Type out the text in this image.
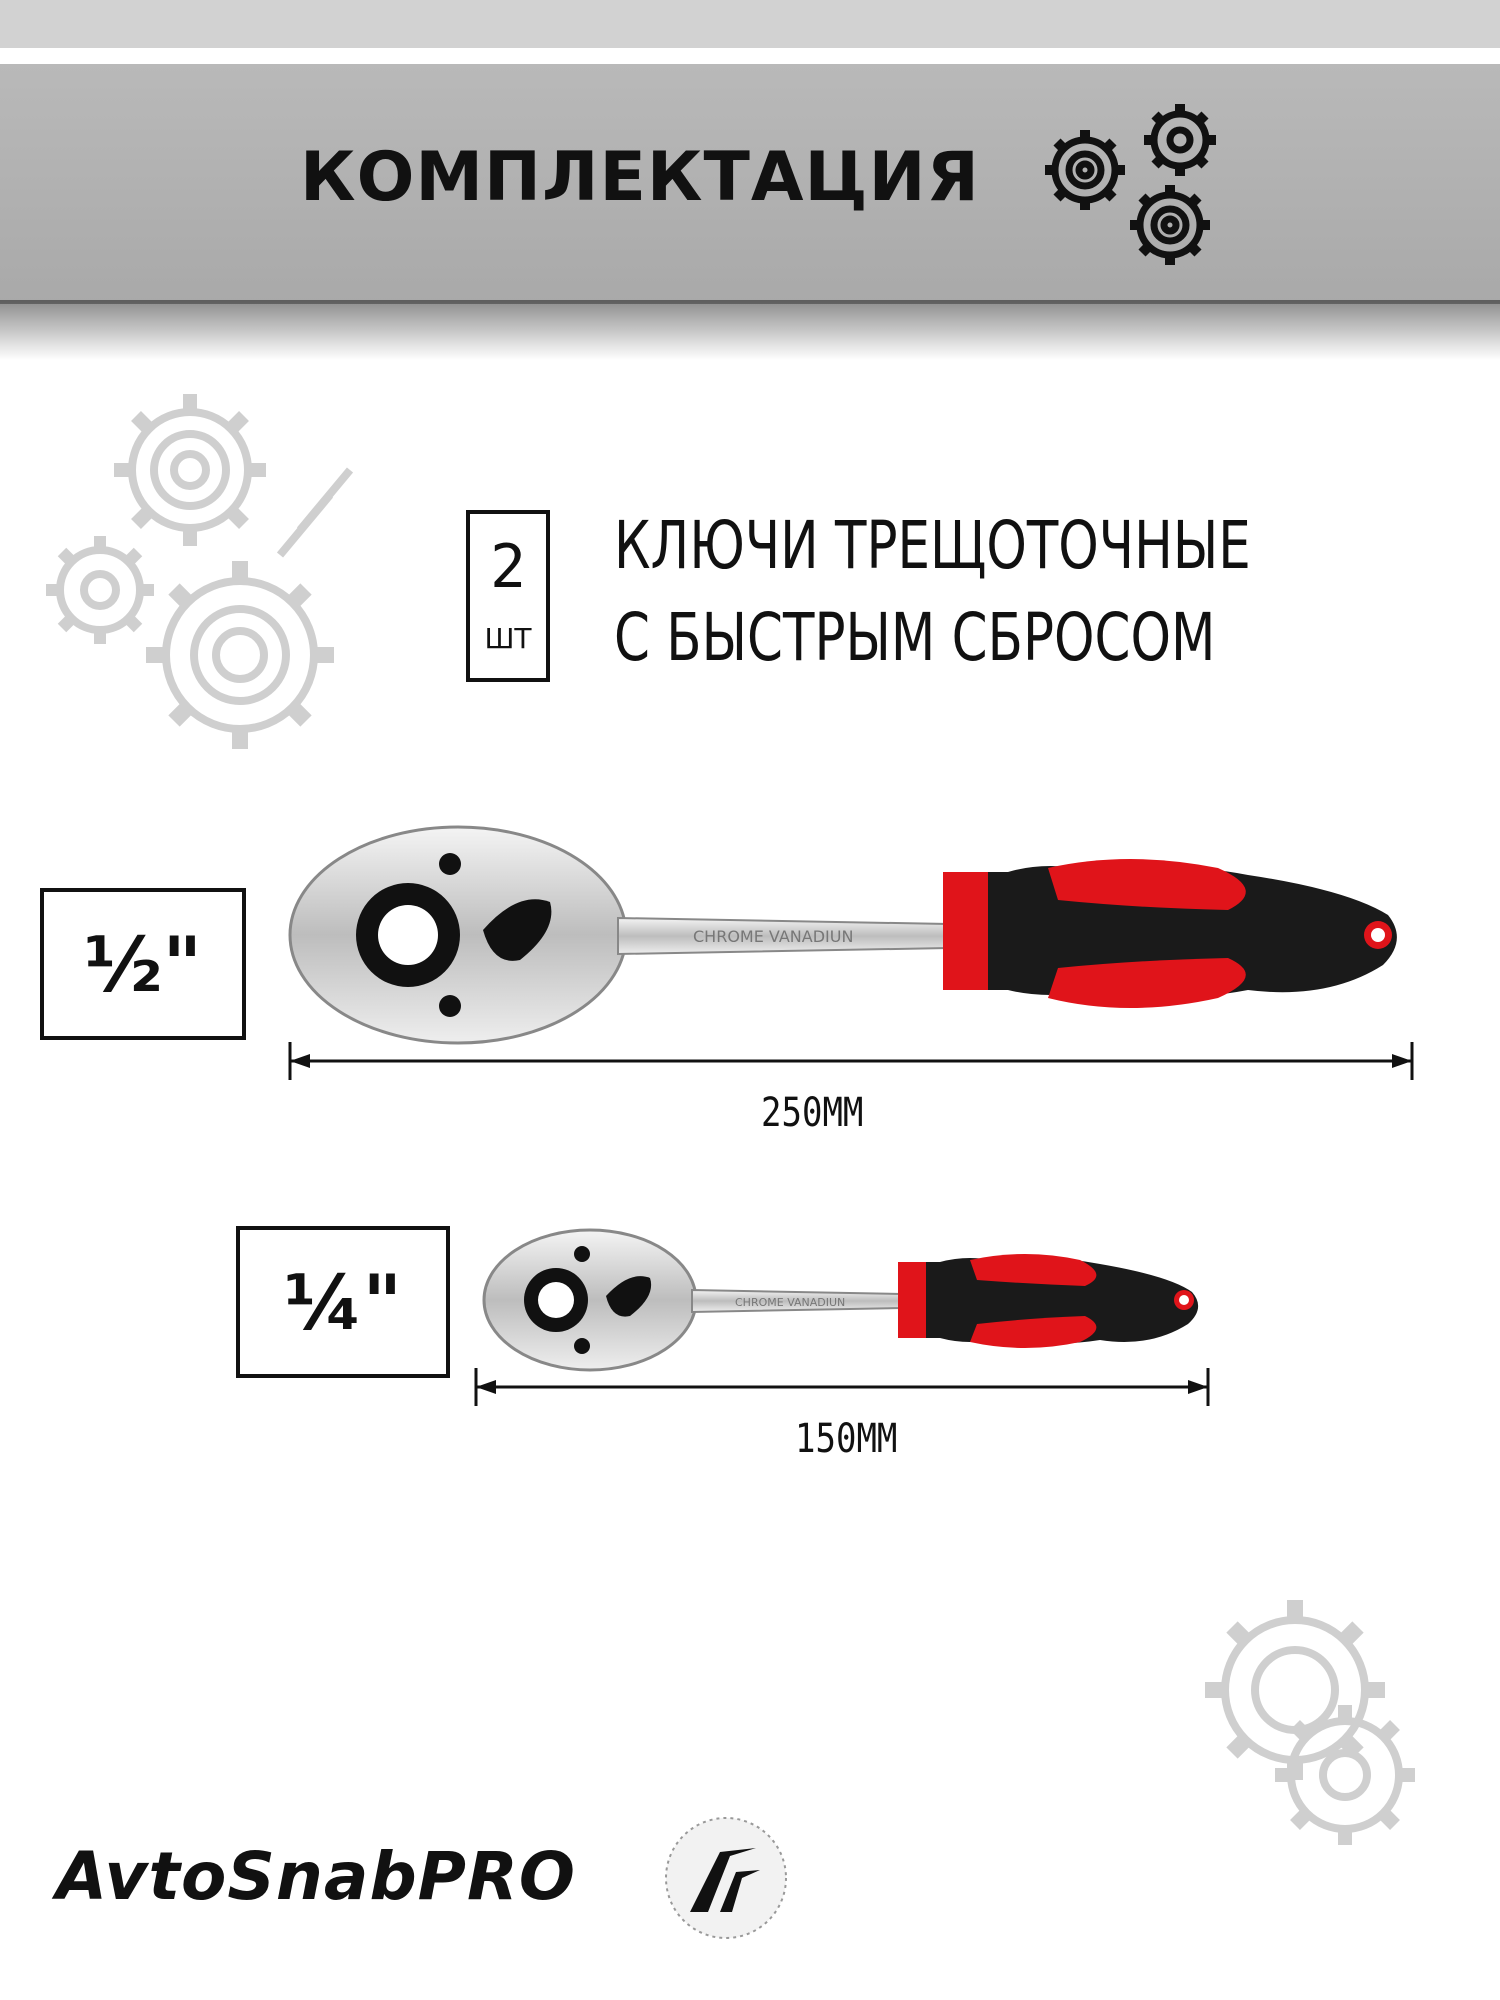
КОМПЛЕКТАЦИЯ
2
ШТ
КЛЮЧИ ТРЕЩОТОЧНЫЕ
С БЫСТРЫМ СБРОСОМ
½"	CHROME VANADIUN
250ММ
¼"	CHROME VANADIUN
150ММ
AvtoSnabPRO
